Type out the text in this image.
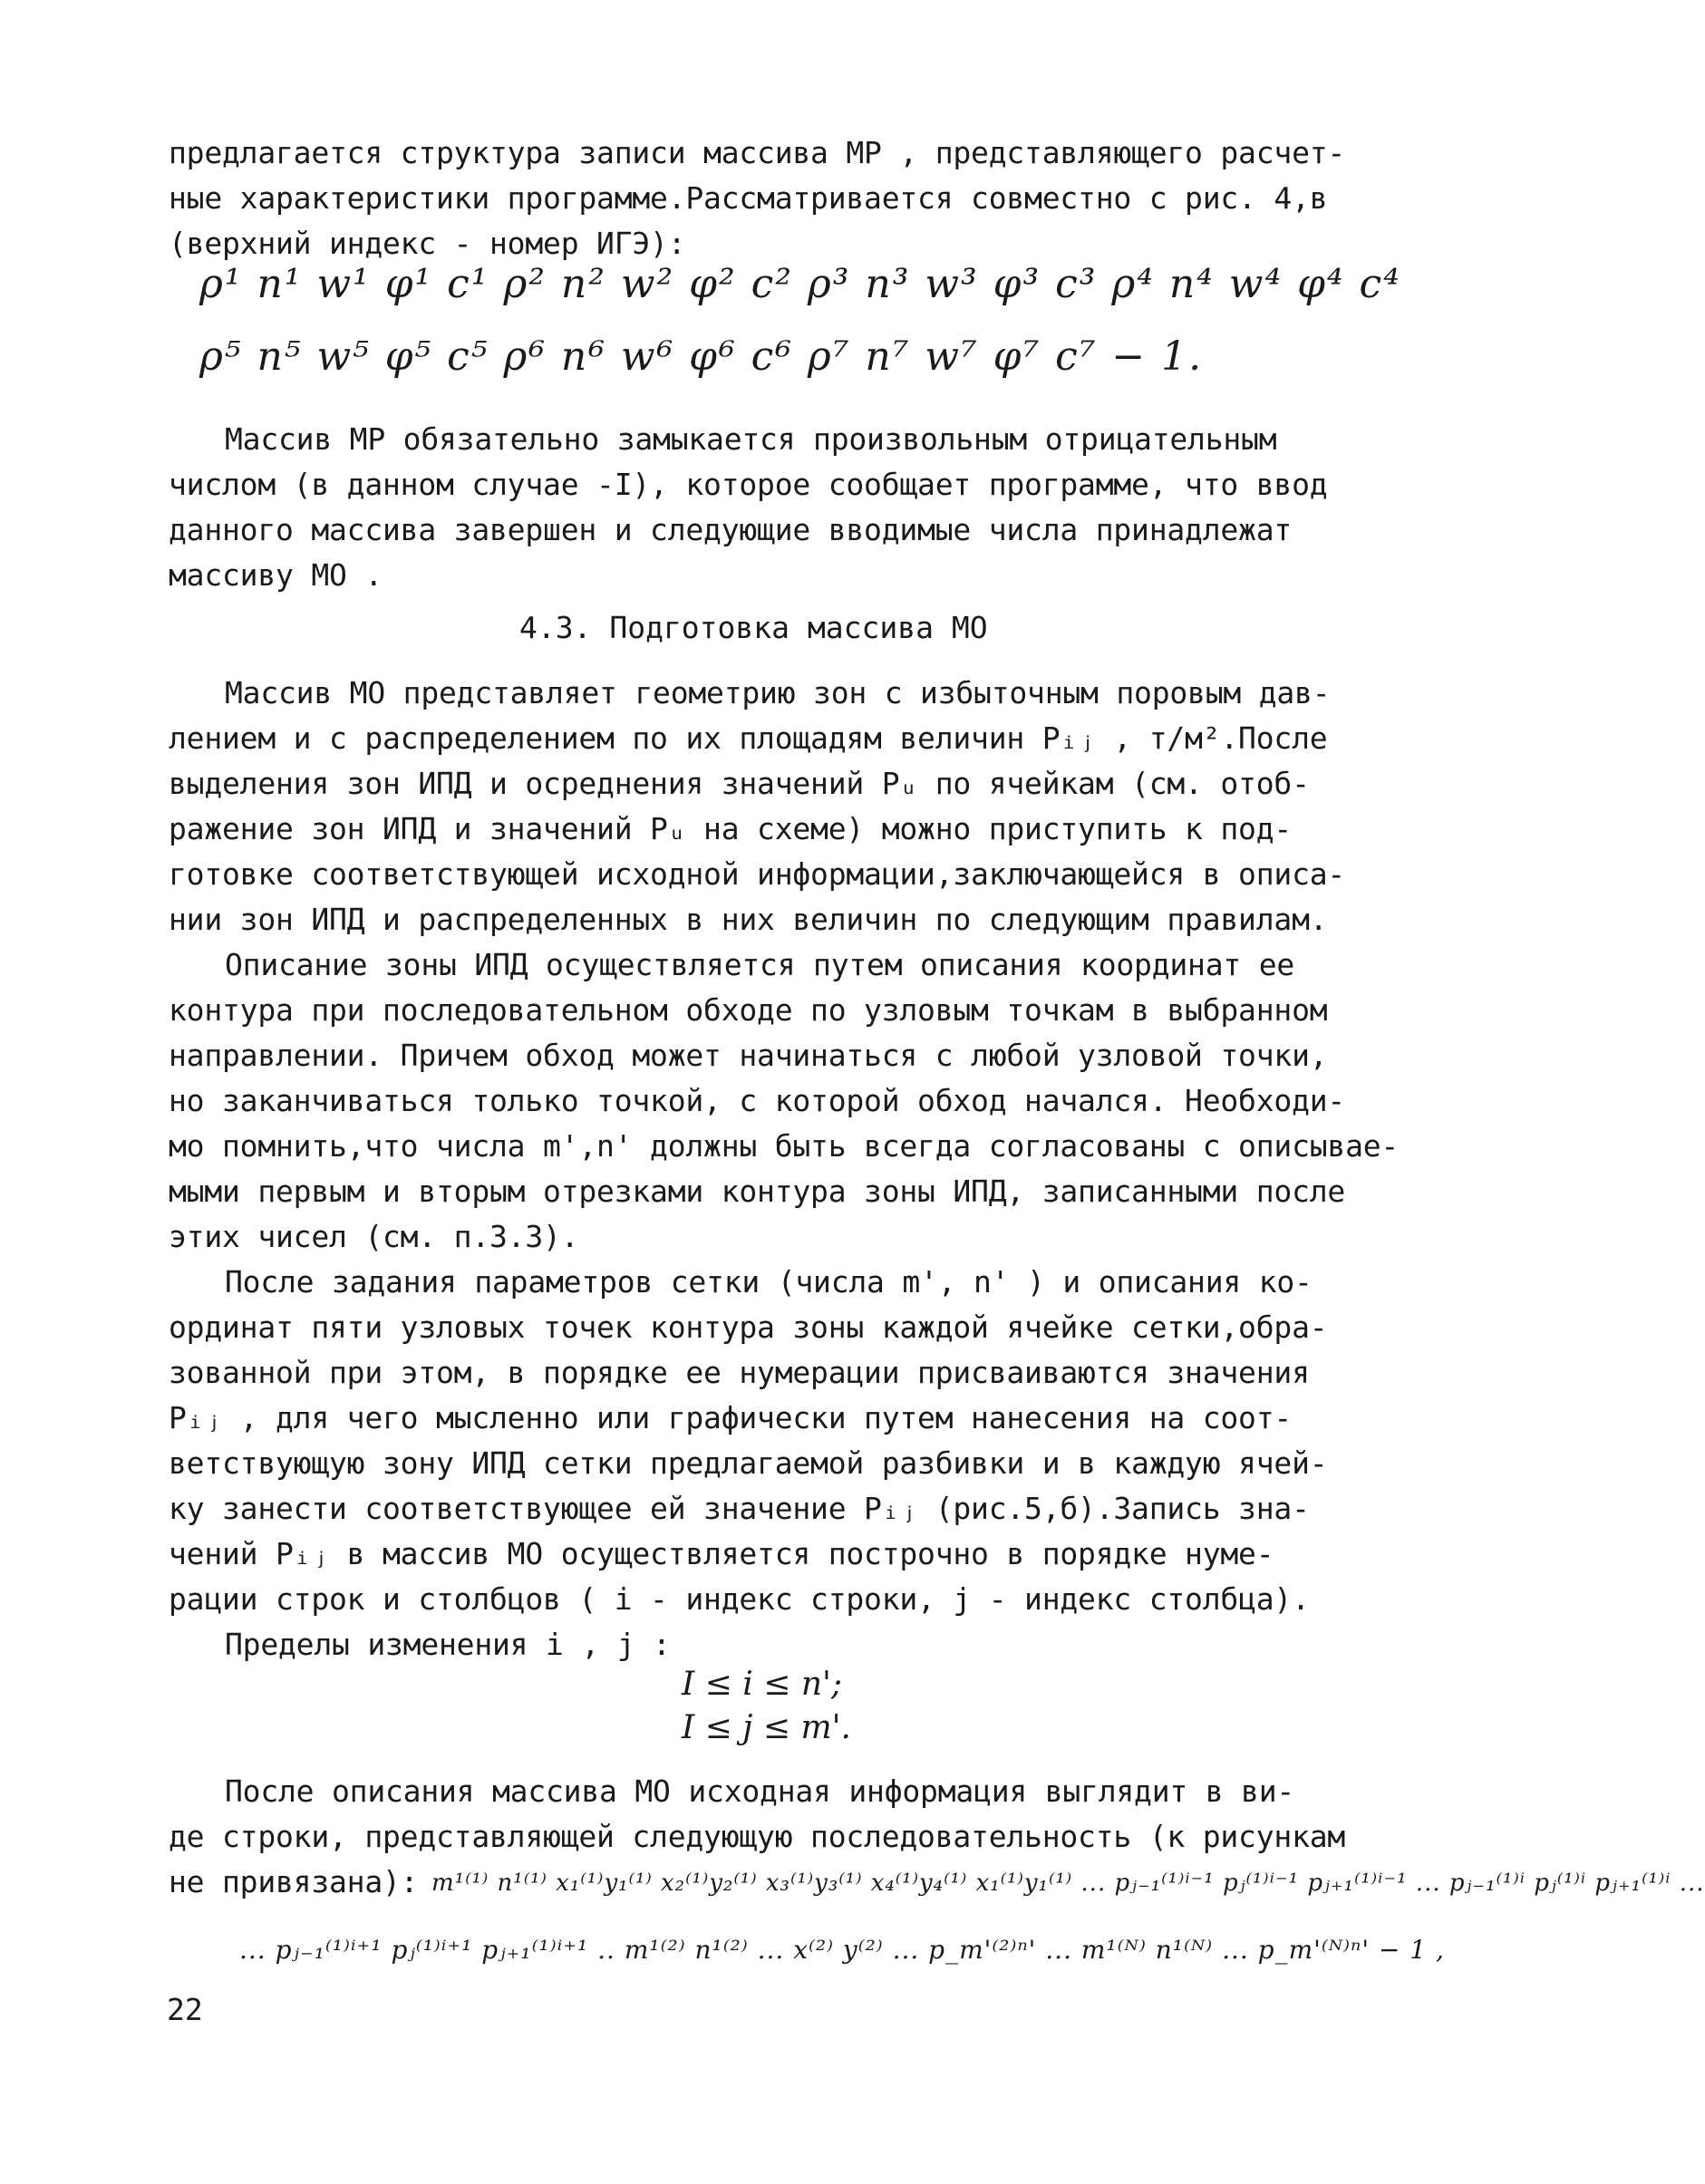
предлагается структура записи массива МР , представляющего расчет-
ные характеристики программе.Рассматривается совместно с рис. 4,в
(верхний индекс - номер ИГЭ):
ρ¹ n¹ w¹ φ¹ c¹ ρ² n² w² φ² c² ρ³ n³ w³ φ³ c³ ρ⁴ n⁴ w⁴ φ⁴ c⁴
ρ⁵ n⁵ w⁵ φ⁵ c⁵ ρ⁶ n⁶ w⁶ φ⁶ c⁶ ρ⁷ n⁷ w⁷ φ⁷ c⁷ − 1.
Массив МР обязательно замыкается произвольным отрицательным
числом (в данном случае -I), которое сообщает программе, что ввод
данного массива завершен и следующие вводимые числа принадлежат
массиву МО .
4.3. Подготовка массива МО
Массив МО представляет геометрию зон с избыточным поровым дав-
лением и с распределением по их площадям величин Pᵢⱼ , т/м².После
выделения зон ИПД и осреднения значений Pᵤ по ячейкам (см. отоб-
ражение зон ИПД и значений Pᵤ на схеме) можно приступить к под-
готовке соответствующей исходной информации,заключающейся в описа-
нии зон ИПД и распределенных в них величин по следующим правилам.
Описание зоны ИПД осуществляется путем описания координат ее
контура при последовательном обходе по узловым точкам в выбранном
направлении. Причем обход может начинаться с любой узловой точки,
но заканчиваться только точкой, с которой обход начался. Необходи-
мо помнить,что числа m',n' должны быть всегда согласованы с описывае-
мыми первым и вторым отрезками контура зоны ИПД, записанными после
этих чисел (см. п.3.3).
После задания параметров сетки (числа m', n' ) и описания ко-
ординат пяти узловых точек контура зоны каждой ячейке сетки,обра-
зованной при этом, в порядке ее нумерации присваиваются значения
Pᵢⱼ , для чего мысленно или графически путем нанесения на соот-
ветствующую зону ИПД сетки предлагаемой разбивки и в каждую ячей-
ку занести соответствующее ей значение Pᵢⱼ (рис.5,б).Запись зна-
чений Pᵢⱼ в массив МО осуществляется построчно в порядке нуме-
рации строк и столбцов ( i - индекс строки, j - индекс столбца).
Пределы изменения i , j :
I ≤ i ≤ n';
I ≤ j ≤ m'.
После описания массива МО исходная информация выглядит в ви-
де строки, представляющей следующую последовательность (к рисункам
не привязана): m¹⁽¹⁾ n¹⁽¹⁾ x₁⁽¹⁾y₁⁽¹⁾ x₂⁽¹⁾y₂⁽¹⁾ x₃⁽¹⁾y₃⁽¹⁾ x₄⁽¹⁾y₄⁽¹⁾ x₁⁽¹⁾y₁⁽¹⁾ ... pⱼ₋₁⁽¹⁾ⁱ⁻¹ pⱼ⁽¹⁾ⁱ⁻¹ pⱼ₊₁⁽¹⁾ⁱ⁻¹ ... pⱼ₋₁⁽¹⁾ⁱ pⱼ⁽¹⁾ⁱ pⱼ₊₁⁽¹⁾ⁱ ...
... pⱼ₋₁⁽¹⁾ⁱ⁺¹ pⱼ⁽¹⁾ⁱ⁺¹ pⱼ₊₁⁽¹⁾ⁱ⁺¹ .. m¹⁽²⁾ n¹⁽²⁾ ... x⁽²⁾ y⁽²⁾ ... p_m'⁽²⁾ⁿ' ... m¹⁽ᴺ⁾ n¹⁽ᴺ⁾ ... p_m'⁽ᴺ⁾ⁿ' − 1 ,
22
